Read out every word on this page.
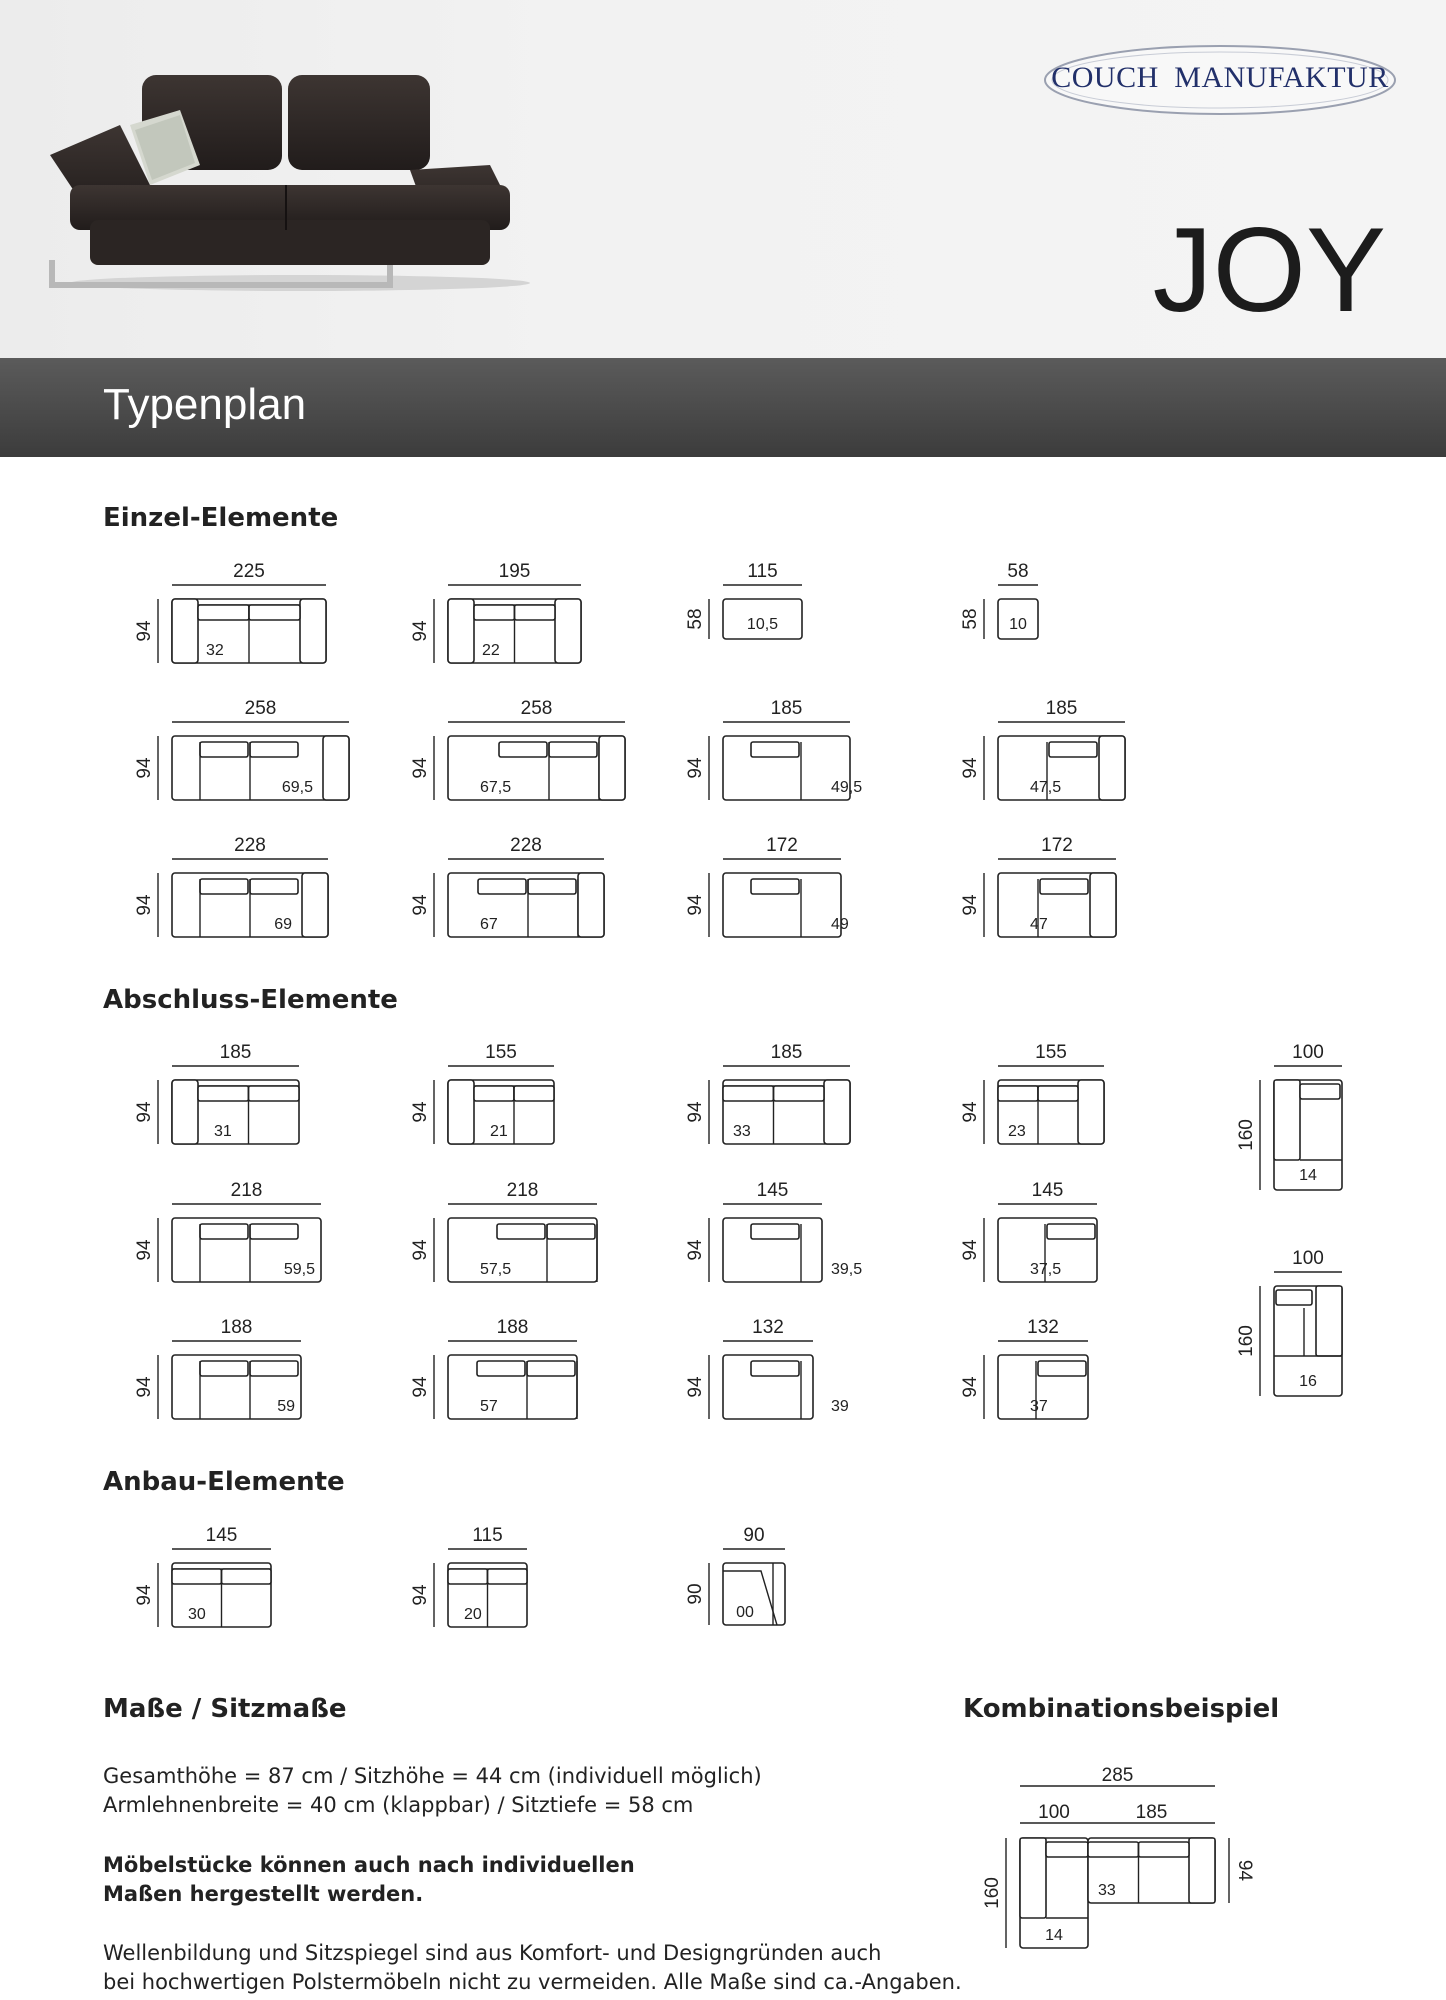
COUCH MANUFAKTUR
JOY
Typenplan
Einzel-Elemente
Abschluss-Elemente
Anbau-Elemente
Maße / Sitzmaße	Kombinationsbeispiel
Gesamthöhe = 87 cm / Sitzhöhe = 44 cm (individuell möglich)
Armlehnenbreite = 40 cm (klappbar) / Sitztiefe = 58 cm
Möbelstücke können auch nach individuellen
Maßen hergestellt werden.
Wellenbildung und Sitzspiegel sind aus Komfort- und Designgründen auch
bei hochwertigen Polstermöbeln nicht zu vermeiden. Alle Maße sind ca.-Angaben.
225
94
32
195
94
22
115
58	10,5
58
58 10
258
94
69,5
258
94
67,5
185
94
49,5
185
94
47,5
228
94
69
228
94
67
172
94
49
172
94
47
185
94
31
155
94
21
185
94
33
155
94
23
100
160
14
218
94
59,5
218
94
57,5
145
94
39,5
145
94
37,5
100
160
16
188
94
59
188
94
57
132
94
39
132
94
37
145
94
30
115
94
20
90
90
00
285
100	185
160
94
14
33
